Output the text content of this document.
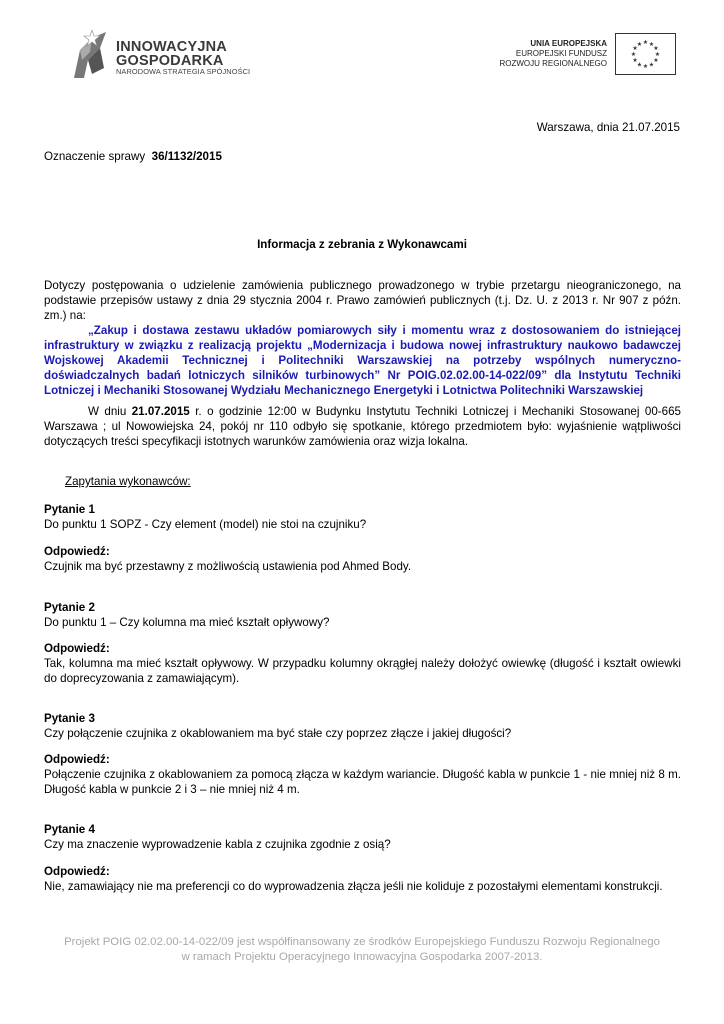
INNOWACYJNA
GOSPODARKA
NARODOWA STRATEGIA SPÓJNOŚCI
UNIA EUROPEJSKA
EUROPEJSKI FUNDUSZ
ROZWOJU REGIONALNEGO
★ ★
★
★
★
★
★
★
★
★
★
★
Warszawa, dnia 21.07.2015
Oznaczenie sprawy 36/1132/2015
Informacja z zebrania z Wykonawcami
Dotyczy postępowania o udzielenie zamówienia publicznego prowadzonego w trybie przetargu nieograniczonego, na podstawie przepisów ustawy z dnia 29 stycznia 2004 r. Prawo zamówień publicznych (t.j. Dz. U. z 2013 r. Nr 907 z późn. zm.) na:
„Zakup i dostawa zestawu układów pomiarowych siły i momentu wraz z dostosowaniem do istniejącej infrastruktury w związku z realizacją projektu „Modernizacja i budowa nowej infrastruktury naukowo badawczej Wojskowej Akademii Technicznej i Politechniki Warszawskiej na potrzeby wspólnych numeryczno-doświadczalnych badań lotniczych silników turbinowych” Nr POIG.02.02.00-14-022/09” dla Instytutu Techniki Lotniczej i Mechaniki Stosowanej Wydziału Mechanicznego Energetyki i Lotnictwa Politechniki Warszawskiej
W dniu 21.07.2015 r. o godzinie 12:00 w Budynku Instytutu Techniki Lotniczej i Mechaniki Stosowanej 00-665 Warszawa ; ul Nowowiejska 24, pokój nr 110 odbyło się spotkanie, którego przedmiotem było: wyjaśnienie wątpliwości dotyczących treści specyfikacji istotnych warunków zamówienia oraz wizja lokalna.
Zapytania wykonawców:
Pytanie 1
Do punktu 1 SOPZ - Czy element (model) nie stoi na czujniku?
Odpowiedź:
Czujnik ma być przestawny z możliwością ustawienia pod Ahmed Body.
Pytanie 2
Do punktu 1 – Czy kolumna ma mieć kształt opływowy?
Odpowiedź:
Tak, kolumna ma mieć kształt opływowy. W przypadku kolumny okrągłej należy dołożyć owiewkę (długość i kształt owiewki do doprecyzowania z zamawiającym).
Pytanie 3
Czy połączenie czujnika z okablowaniem ma być stałe czy poprzez złącze i jakiej długości?
Odpowiedź:
Połączenie czujnika z okablowaniem za pomocą złącza w każdym wariancie. Długość kabla w punkcie 1 - nie mniej niż 8 m. Długość kabla w punkcie 2 i 3 – nie mniej niż 4 m.
Pytanie 4
Czy ma znaczenie wyprowadzenie kabla z czujnika zgodnie z osią?
Odpowiedź:
Nie, zamawiający nie ma preferencji co do wyprowadzenia złącza jeśli nie koliduje z pozostałymi elementami konstrukcji.
Projekt POIG 02.02.00-14-022/09 jest współfinansowany ze środków Europejskiego Funduszu Rozwoju Regionalnego
w ramach Projektu Operacyjnego Innowacyjna Gospodarka 2007-2013.
